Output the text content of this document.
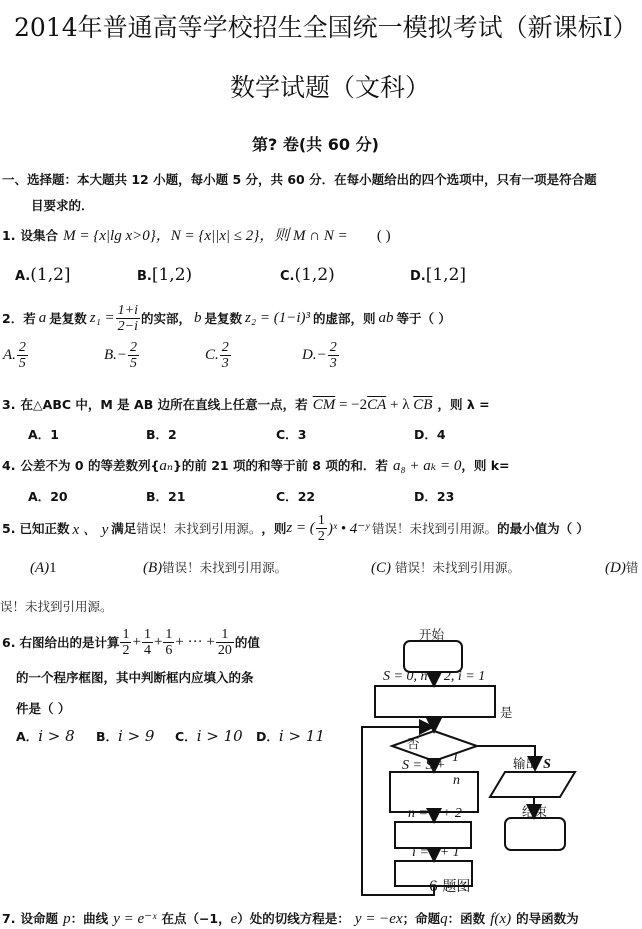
2014年普通高等学校招生全国统一模拟考试（新课标Ⅰ）
数学试题（文科）
第? 卷(共 60 分)
一、选择题：本大题共 12 小题，每小题 5 分，共 60 分．在每小题给出的四个选项中，只有一项是符合题
目要求的．
1. 设集合 M = {x|lg x>0}，N = {x||x| ≤ 2}，则 M ∩ N = ( )
A.(1,2]	B.[1,2)	C.(1,2)	D.[1,2]
2． 若 a 是复数 $z_1 = \frac{1+i}{2-i}$ 的实部， b 是复数 z₂ = (1−i)³ 的虚部，则 ab 等于（ ）
A. $\frac{2}{5}$	B. − $\frac{2}{5}$	C. $\frac{2}{3}$	D. − $\frac{2}{3}$
3. 在△ABC 中，M 是 AB 边所在直线上任意一点，若 $\overline{CM} = -2\overline{CA} + \lambda$ $\overline{CB}$ ，则 λ =
A．1	B．2	C．3	D．4
4. 公差不为 0 的等差数列{aₙ}的前 21 项的和等于前 8 项的和．若 a₈ + aₖ = 0，则 k=
A．20	B．21	C．22	D．23
5. 已知正数 x 、 y 满足 错误！未找到引用源。 ，则 z = ( $\frac{1}{2}$ )ˣ • 4⁻ʸ 错误！未找到引用源。 的最小值为（ ）
(A)1	(B)错误！未找到引用源。	(C) 错误！未找到引用源。	(D)错
误！未找到引用源。
6. 右图给出的是计算 $\frac{1}{2} + \frac{1}{4} + \frac{1}{6}$ + ··· + $\frac{1}{20}$ 的值
的一个程序框图，其中判断框内应填入的条
件是（ ）
A．i > 8 B．i > 9 C．i > 10 D．i > 11
开始
S = 0, n = 2, i = 1
是
否
S = S +
1
n
n = n + 2
i = i + 1
输出 S
结束
6 题图
7. 设命题 p：曲线 y = e⁻ˣ 在点（−1，e）处的切线方程是： y = −ex；命题q：函数 f(x) 的导函数为
